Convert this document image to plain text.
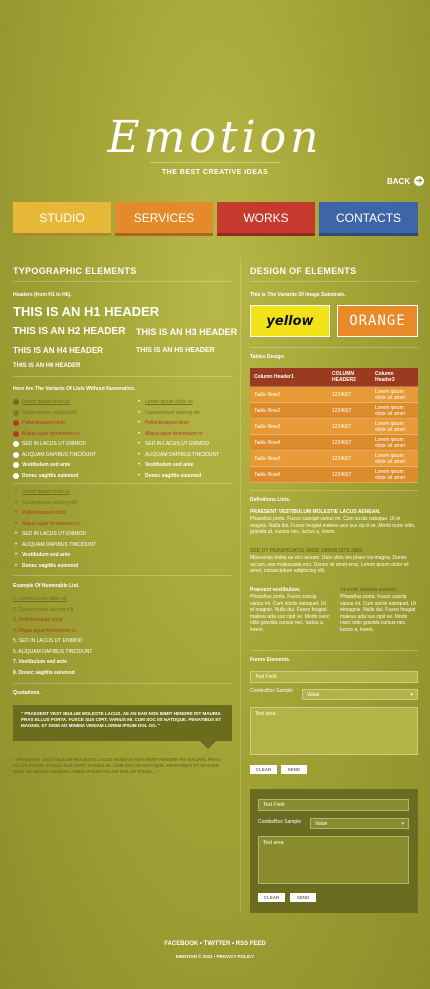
Emotion
THE BEST CREATIVE IDEAS
BACK ➔
STUDIO	SERVICES	WORKS	CONTACTS
TYPOGRAPHIC ELEMENTS
Headers (from H1 to H6).
THIS IS AN H1 HEADER
THIS IS AN H2 HEADER THIS IS AN H3 HEADER
THIS IS AN H4 HEADER	THIS IS AN H5 HEADER
THIS IS AN H6 HEADER
Here Are The Variants Of Lists Without Numeration.
Lorem ipsum dolor sit
Consectetuer adicing elit
Pellentesqued dolor
Aliqua ugue fermentum ru
SED IN LACUS UT ENIMOD
ALIQUAM DAPIBUS TINCIDUNT
Vestibulum sed ante
Donec sagittis euismod
• Lorem ipsum dolor sit
• Consectetuer adicing elit
• Pellentesqued dolor
• Aliqua ugue fermentum ru
• SED IN LACUS UT ENIMOD
• ALIQUAM DAPIBUS TINCIDUNT
• Vestibulum sed ante
• Donec sagittis euismod
+ Lorem ipsum dolor sit
+ Consectetuer adicing elit
+ Pellentesqued dolor
+ Aliqua ugue fermentum ru
+ SED IN LACUS UT ENIMOD
+ ALIQUAM DAPIBUS TINCIDUNT
+ Vestibulum sed ante
+ Donec sagittis euismod
Example Of Numerable List.
1. Lorem ipsum dolor sit
2. Consectetuer adicing elit
3. Pellentesqued dolor
4. Aliqua ugue fermentum ru
5. SED IN LACUS UT ENIMOD
6. ALIQUAM DAPIBUS TINCIDUNT
7. Vestibulum sed ante
8. Donec sagittis euismod
Quotations.
" PRAESENT VEST IBULUM MOLESTE LACUS. AE AN EAN NON IMMIT HENDRE RIT MAURIS. PRAS ELLUS PORTA. FUSCE SUS CIPIT. VARIUS MI. CUM SOC IIS NATOQUE. PENATIBUS ET MAGNIS. ET DISM AD MINIMA VENIAM LOREM IPSUM DOL OO. "
" PRAESENT VEST IBULUM MOLESTE LACUS AENEAN NON IMMIT HENDRE RIT MAURIS. PRAS ELLUS PORTA. FUSCE SUS CIPIT. VARIUS MI. CUM SOC IIS NATOQUE. PENATIBUS ET MAGNIS. DISM AD MINIMA VENIAM LOREM IPSUM DOLOR DOLOR IPSUM... "
DESIGN OF ELEMENTS
This Is The Variants Of Image Substrate.
yellow	ORANGE
Tables Design.
Column Header1	COLUMN HEADER2	Column Header3
Table Row1	1234567	Lorem ipsum dolor sit amet
Table Row2	1234567	Lorem ipsum dolor sit amet
Table Row3	1234567	Lorem ipsum dolor sit amet
Table Row4	1234567	Lorem ipsum dolor sit amet
Table Row5	1234567	Lorem ipsum dolor sit amet
Table Row6	1234567	Lorem ipsum dolor sit amet
Definitions Lists.
PRAESENT VESTIBULUM MOLESTIE LACUS AENEAN.
Phasellus porta. Fusce suscipit varius mi. Cum sociis natoque. Ut et magnis. Nulla dui. Fusce feugiat malesu ace sus cip it ve. Morbi nunc odio, gravida at, cursus nec, luctus a, lorem.
SED UT PERSPICIATIS UNDE OMNIS ISTE NER.
Maecenas tristiq ue orci aceam. Duis ultric ies phare tra magna. Donec accum. san malesuada orci. Donec sit amet eros. Lorem ipsum dolor sit amet, consectetuer adipiscing elit.
Praesent vestibulum.
Phasellus porta. Fusce suscip varius mi. Cum sociis natoquet. Ut et magnis. Nulla dui. Fusce feugiat malesu ada sus cipit ve. Morbi nunc odio gravida cursus nec, luctus a, lorem.
Ut enim minima veniam.
Phasellus porta. Fusce suscip varius mi. Cum sociis natoquet. Ut etmagnis. Nulla dui. Fusce feugiat malesu ada sus cipit ve. Morbi nunc odio gravida cursus nec, luctus a, lorem.
Forms Elements.
Text Field
ComboBox Sample
Value	▾
Text area
CLEAR	SEND
Text Field
ComboBox Sample	Value	▾
Text area
CLEAR	SEND
FACEBOOK • TWITTER • RSS FEED
EMOTION © 2011 • PRIVACY POLICY
